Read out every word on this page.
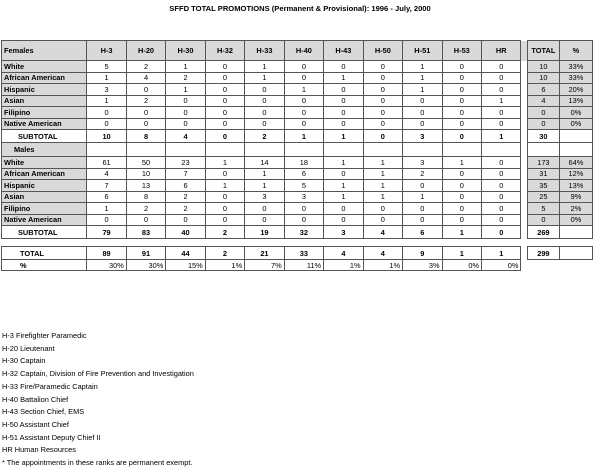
SFFD TOTAL PROMOTIONS (Permanent & Provisional): 1996 - July, 2000
Females	H-3	H-20	H-30	H-32	H-33	H-40	H-43	H-50	H-51	H-53	HR		TOTAL	%
White	5	2	1	0	1	0	0	0	1	0	0		10	33%
African American	1	4	2	0	1	0	1	0	1	0	0		10	33%
Hispanic	3	0	1	0	0	1	0	0	1	0	0		6	20%
Asian	1	2	0	0	0	0	0	0	0	0	1		4	13%
Filipino	0	0	0	0	0	0	0	0	0	0	0		0	0%
Native American	0	0	0	0	0	0	0	0	0	0	0		0	0%
SUBTOTAL	10	8	4	0	2	1	1	0	3	0	1		30	
Males														
White	61	50	23	1	14	18	1	1	3	1	0		173	64%
African American	4	10	7	0	1	6	0	1	2	0	0		31	12%
Hispanic	7	13	6	1	1	5	1	1	0	0	0		35	13%
Asian	6	8	2	0	3	3	1	1	1	0	0		25	9%
Filipino	1	2	2	0	0	0	0	0	0	0	0		5	2%
Native American	0	0	0	0	0	0	0	0	0	0	0		0	0%
SUBTOTAL	79	83	40	2	19	32	3	4	6	1	0		269	

TOTAL	89	91	44	2	21	33	4	4	9	1	1		299	
%	30%	30%	15%	1%	7%	11%	1%	1%	3%	0%	0%			
H-3 Firefighter Paramedic
H-20 Lieutenant
H-30 Captain
H-32 Captain, Division of Fire Prevention and Investigation
H-33 Fire/Paramedic Captain
H-40 Battalion Chief
H-43 Section Chief, EMS
H-50 Assistant Chief
H-51 Assistant Deputy Chief II
HR Human Resources
* The appointments in these ranks are permanent exempt.
